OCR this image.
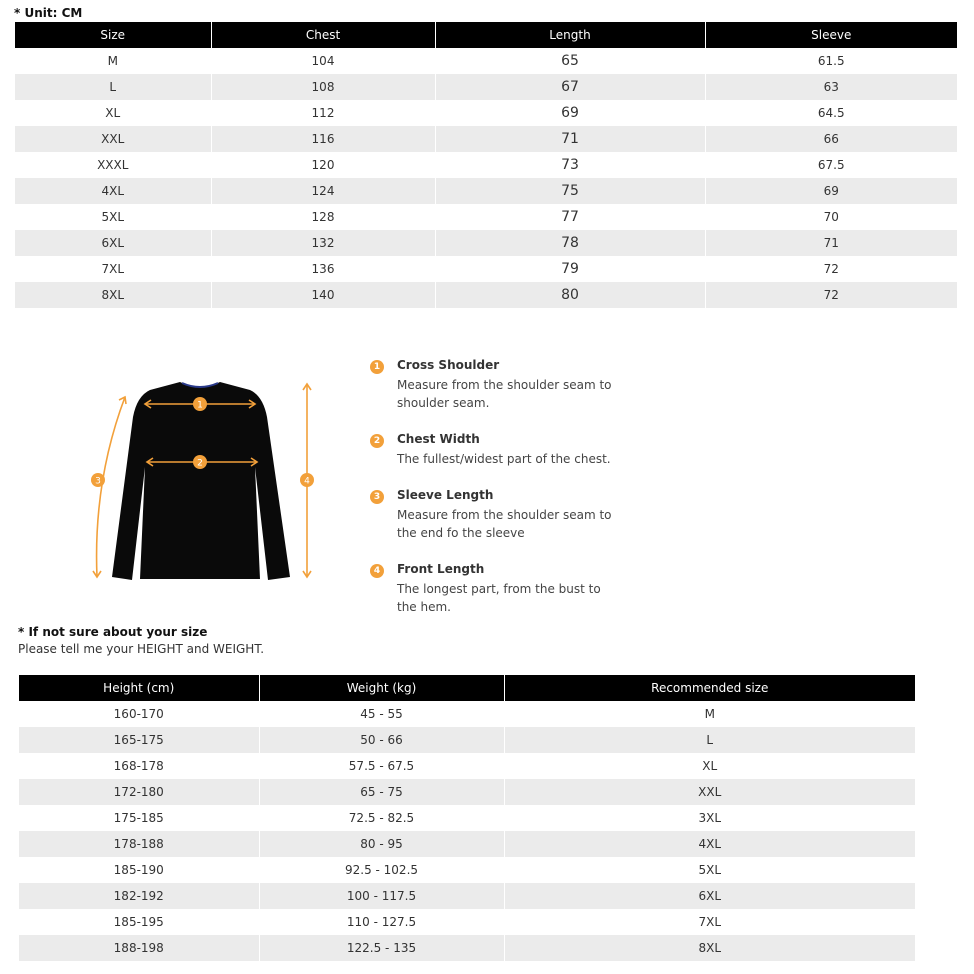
* Unit: CM
Size	Chest	Length	Sleeve
M	104	65	61.5
L	108	67	63
XL	112	69	64.5
XXL	116	71	66
XXXL	120	73	67.5
4XL	124	75	69
5XL	128	77	70
6XL	132	78	71
7XL	136	79	72
8XL	140	80	72
1
2
3	4
1	Cross Shoulder
Measure from the shoulder seam to shoulder seam.
2	Chest Width
The fullest/widest part of the chest.
3	Sleeve Length
Measure from the shoulder seam to the end fo the sleeve
4	Front Length
The longest part, from the bust to the hem.
* If not sure about your size
Please tell me your HEIGHT and WEIGHT.
Height (cm)	Weight (kg)	Recommended size
160-170	45 - 55	M
165-175	50 - 66	L
168-178	57.5 - 67.5	XL
172-180	65 - 75	XXL
175-185	72.5 - 82.5	3XL
178-188	80 - 95	4XL
185-190	92.5 - 102.5	5XL
182-192	100 - 117.5	6XL
185-195	110 - 127.5	7XL
188-198	122.5 - 135	8XL
